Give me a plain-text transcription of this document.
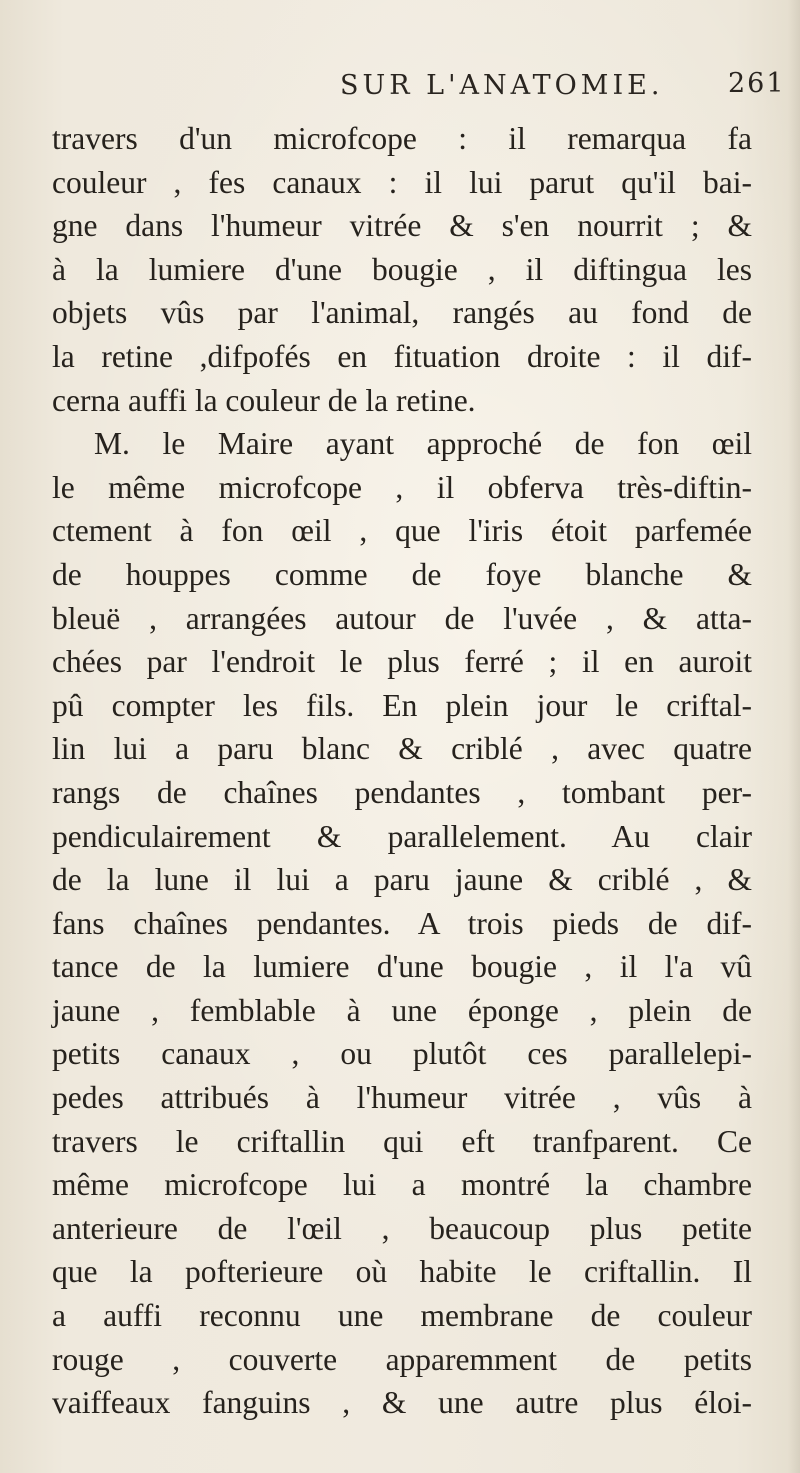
SUR L'ANATOMIE. 261
travers d'un microfcope : il remarqua fa
couleur , fes canaux : il lui parut qu'il bai-
gne dans l'humeur vitrée & s'en nourrit ; &
à la lumiere d'une bougie , il diftingua les
objets vûs par l'animal, rangés au fond de
la retine ,difpofés en fituation droite : il dif-
cerna auffi la couleur de la retine.
M. le Maire ayant approché de fon œil
le même microfcope , il obferva très-diftin-
ctement à fon œil , que l'iris étoit parfemée
de houppes comme de foye blanche &
bleuë , arrangées autour de l'uvée , & atta-
chées par l'endroit le plus ferré ; il en auroit
pû compter les fils. En plein jour le criftal-
lin lui a paru blanc & criblé , avec quatre
rangs de chaînes pendantes , tombant per-
pendiculairement & parallelement. Au clair
de la lune il lui a paru jaune & criblé , &
fans chaînes pendantes. A trois pieds de dif-
tance de la lumiere d'une bougie , il l'a vû
jaune , femblable à une éponge , plein de
petits canaux , ou plutôt ces parallelepi-
pedes attribués à l'humeur vitrée , vûs à
travers le criftallin qui eft tranfparent. Ce
même microfcope lui a montré la chambre
anterieure de l'œil , beaucoup plus petite
que la pofterieure où habite le criftallin. Il
a auffi reconnu une membrane de couleur
rouge , couverte apparemment de petits
vaiffeaux fanguins , & une autre plus éloi-
